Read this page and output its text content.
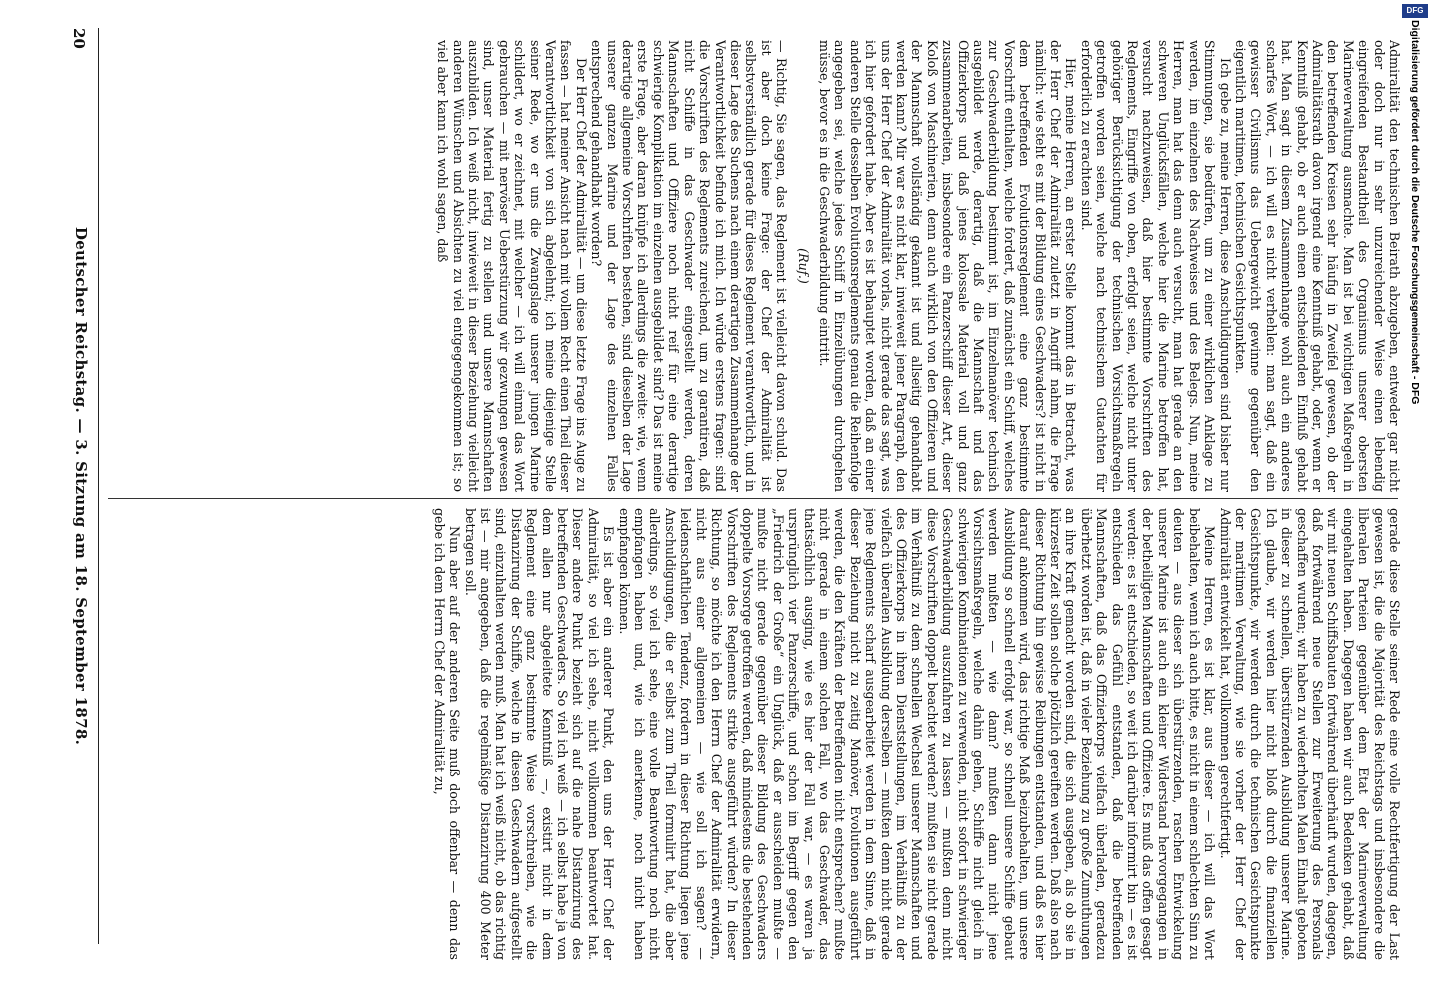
20
Deutscher Reichstag. — 3. Sitzung am 18. September 1878.	Admiralität den technischen Beirath abzugeben, entweder gar nicht oder doch nur in sehr unzureichender Weise einen lebendig eingreifenden Bestandtheil des Organismus unserer obersten Marineverwaltung ausmachte. Man ist bei wichtigen Maßregeln in den betreffenden Kreisen sehr häufig in Zweifel gewesen, ob der Admiralitätsrath davon irgend eine Kenntniß gehabt, oder, wenn er Kenntniß gehabt, ob er auch einen entscheidenden Einfluß gehabt hat. Man sagt in diesem Zusammenhange wohl auch ein anderes scharfes Wort, — ich will es nicht verhehlen: man sagt, daß ein gewisser Civilismus das Uebergewicht gewinne gegenüber den eigentlich maritimen, technischen Gesichtspunkten.

Ich gebe zu, meine Herren, diese Anschuldigungen sind bisher nur Stimmungen, sie bedürfen, um zu einer wirklichen Anklage zu werden, im einzelnen des Nachweises und des Belegs. Nun, meine Herren, man hat das denn auch versucht, man hat gerade an den schweren Unglücksfällen, welche hier die Marine betroffen hat, versucht nachzuweisen, daß hier bestimmte Vorschriften des Reglements, Eingriffe von oben, erfolgt seien, welche nicht unter gehöriger Berücksichtigung der technischen Vorsichtsmaßregeln getroffen worden seien, welche nach technischem Gutachten für erforderlich zu erachten sind.

Hier, meine Herren, an erster Stelle kommt das in Betracht, was der Herr Chef der Admiralität zuletzt in Angriff nahm, die Frage nämlich: wie steht es mit der Bildung eines Geschwaders? ist nicht in dem betreffenden Evolutionsreglement eine ganz bestimmte Vorschrift enthalten, welche fordert, daß zunächst ein Schiff, welches zur Geschwaderbildung bestimmt ist, im Einzelmanöver technisch ausgebildet werde, derartig, daß die Mannschaft und das Offizierkorps und daß jenes kolossale Material voll und ganz zusammenarbeiten, insbesondere ein Panzerschiff dieser Art, dieser Koloß von Maschinerien, denn auch wirklich von den Offizieren und der Mannschaft vollständig gekannt ist und allseitig gehandhabt werden kann? Mir war es nicht klar, inwieweit jener Paragraph, den uns der Herr Chef der Admiralität vorlas, nicht gerade das sagt, was ich hier gefordert habe. Aber es ist behauptet worden, daß an einer anderen Stelle desselben Evolutionsreglements genau die Reihenfolge angegeben sei, welche jedes Schiff in Einzelübungen durchgehen müsse, bevor es in die Geschwaderbildung eintritt.

(Ruf.)

— Richtig, Sie sagen, das Reglement ist vielleicht davon schuld. Das ist aber doch keine Frage: der Chef der Admiralität ist selbstverständlich gerade für dieses Reglement verantwortlich, und in dieser Lage des Suchens nach einem derartigen Zusammenhange der Verantwortlichkeit befinde ich mich. Ich würde erstens fragen: sind die Vorschriften des Reglements zureichend, um zu garantiren, daß nicht Schiffe in das Geschwader eingestellt werden, deren Mannschaften und Offiziere noch nicht reif für eine derartige schwierige Komplikation im einzelnen ausgebildet sind? Das ist meine erste Frage, aber daran knüpfe ich allerdings die zweite: wie, wenn derartige allgemeine Vorschriften bestehen, sind dieselben der Lage unserer ganzen Marine und der Lage des einzelnen Falles entsprechend gehandhabt worden?

Der Herr Chef der Admiralität — um diese letzte Frage ins Auge zu fassen — hat meiner Ansicht nach mit vollem Recht einen Theil dieser Verantwortlichkeit von sich abgelehnt; ich meine diejenige Stelle seiner Rede, wo er uns die Zwangslage unserer jungen Marine schildert, wo er zeichnet, mit welcher — ich will einmal das Wort gebrauchen — mit nervöser Ueberstürzung wir gezwungen gewesen sind, unser Material fertig zu stellen und unsere Mannschaften auszubilden. Ich weiß nicht, inwieweit in dieser Beziehung vielleicht anderen Wünschen und Absichten zu viel entgegengekommen ist; so viel aber kann ich wohl sagen, daß

gerade diese Stelle seiner Rede eine volle Rechtfertigung der Last gewesen ist, die die Majorität des Reichstags und insbesondere die liberalen Parteien gegenüber dem Etat der Marineverwaltung eingehalten haben. Dagegen haben wir auch Bedenken gehabt, daß wir mit neuen Schiffsbauten fortwährend überhäuft wurden, dagegen, daß fortwährend neue Stellen zur Erweiterung des Personals geschaffen wurden; wir haben zu wiederholten Malen Einhalt geboten in dieser zu schnellen, überstürzenden Ausbildung unserer Marine. Ich glaube, wir werden hier nicht bloß durch die finanziellen Gesichtspunkte, wir werden durch die technischen Gesichtspunkte der maritimen Verwaltung, wie sie vorher der Herr Chef der Admiralität entwickelt hat, vollkommen gerechtfertigt.

Meine Herren, es ist klar, aus dieser — ich will das Wort beibehalten, wenn ich auch bitte, es nicht in einem schlechten Sinn zu deuten — aus dieser sich überstürzenden, raschen Entwickelung unserer Marine ist auch ein kleiner Widerstand hervorgegangen in der betheiligten Mannschaften und Offiziere. Es muß das offen gesagt werden: es ist entschieden, so weit ich darüber informirt bin — es ist entschieden das Gefühl entstanden, daß die betreffenden Mannschaften, daß das Offizierkorps vielfach überladen, geradezu überhetzt worden ist, daß in vieler Beziehung zu große Zumuthungen an ihre Kraft gemacht worden sind, die sich ausgeben, als ob sie in kürzester Zeit sollen solche plötzlich gereiften werden. Daß also nach dieser Richtung hin gewisse Reibungen entstanden, und daß es hier darauf ankommen wird, das richtige Maß beizubehalten, um unsere Ausbildung so schnell erfolgt war, so schnell unsere Schiffe gebaut werden mußten — wie dann? mußten dann nicht jene Vorsichtsmaßregeln, welche dahin gehen, Schiffe nicht gleich in schwierigen Kombinationen zu verwenden, nicht sofort in schwieriger Geschwaderbildung auszufahren zu lassen — mußten denn nicht diese Vorschriften doppelt beachtet werden? mußten sie nicht gerade im Verhältniß zu dem schnellen Wechsel unserer Mannschaften und des Offizierkorps in ihren Dienststellungen, im Verhältniß zu der vielfach überallen Ausbildung derselben — mußten denn nicht gerade jene Reglements scharf ausgearbeitet werden in dem Sinne, daß in dieser Beziehung nicht zu zeitig Manöver, Evolutionen ausgeführt werden, die den Kräften der Betreffenden nicht entsprechen? mußte nicht gerade in einem solchen Fall, wo das Geschwader, das thatsächlich ausging, wie es hier der Fall war, — es waren ja ursprünglich vier Panzerschiffe, und schon im Begriff gegen den „Friedrich der Große“ ein Unglück, daß er ausscheiden mußte — mußte nicht gerade gegenüber dieser Bildung des Geschwaders doppelte Vorsorge getroffen werden, daß mindestens die bestehenden Vorschriften des Reglements strikte ausgeführt würden? In dieser Richtung, so möchte ich den Herrn Chef der Admiralität erwidern, nicht aus einer allgemeinen — wie soll ich sagen? — leidenschaftlichen Tendenz, fordern in dieser Richtung liegen jene Anschuldigungen, die er selbst zum Theil formulirt hat, die aber allerdings, so viel ich sehe, eine volle Beantwortung noch nicht empfangen haben und, wie ich anerkenne, noch nicht haben empfangen können.

Es ist aber ein anderer Punkt, den uns der Herr Chef der Admiralität, so viel ich sehe, nicht vollkommen beantwortet hat. Dieser andere Punkt bezieht sich auf die nahe Distanzirung des betreffenden Geschwaders. So viel ich weiß — ich selbst habe ja von dem allen nur abgeleitete Kenntniß —, existirt nicht in dem Reglement eine ganz bestimmte Weise vorschreiben, wie die Distanzirung der Schiffe, welche in diesen Geschwadern aufgestellt sind, einzuhalten werden muß. Man hat ich weiß nicht, ob das richtig ist — mir angegeben, daß die regelmäßige Distanzirung 400 Meter betragen soll.

Nun aber auf der anderen Seite muß doch offenbar — denn das gebe ich dem Herrn Chef der Admiralität zu,

Digitalisierung gefördert durch die Deutsche Forschungsgemeinschaft - DFG
DFG
